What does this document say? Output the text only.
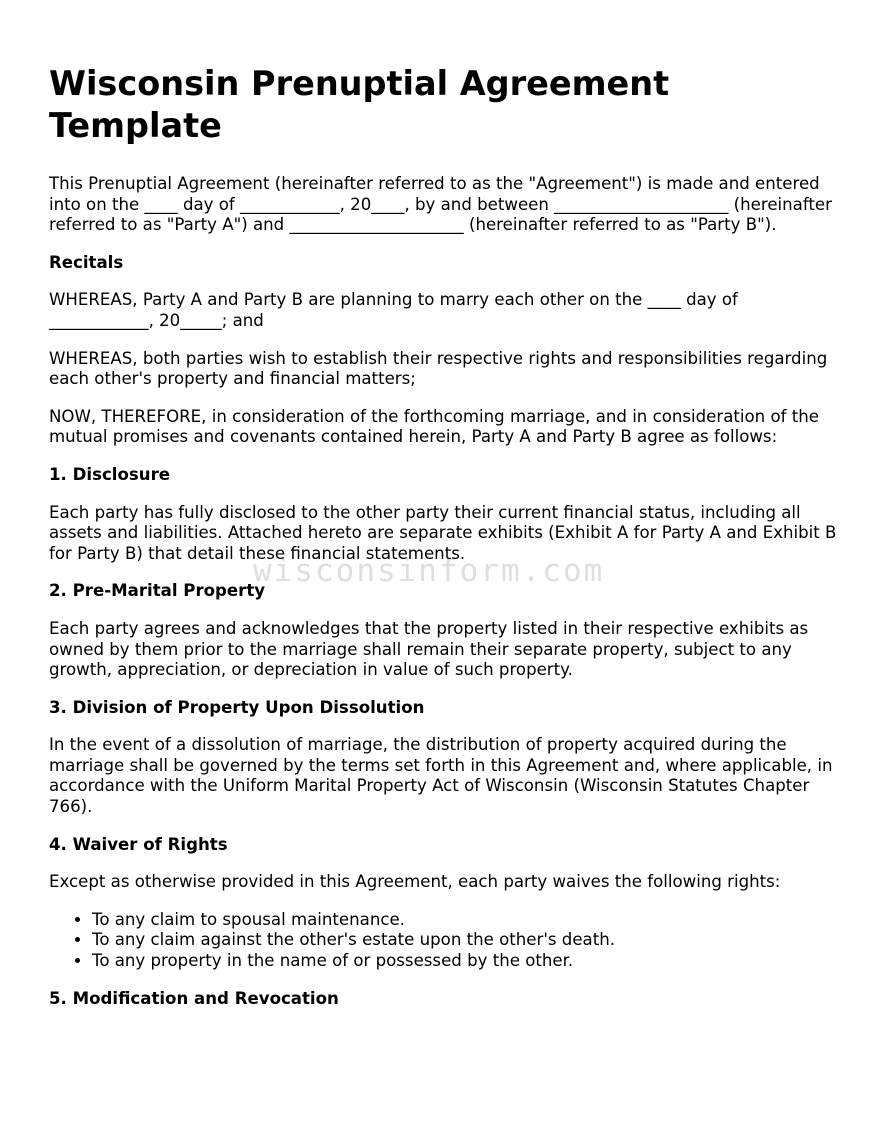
Wisconsin Prenuptial Agreement Template

This Prenuptial Agreement (hereinafter referred to as the "Agreement") is made and entered into on the ____ day of ____________, 20____, by and between _____________________ (hereinafter referred to as "Party A") and _____________________ (hereinafter referred to as "Party B").

Recitals

WHEREAS, Party A and Party B are planning to marry each other on the ____ day of ____________, 20_____; and

WHEREAS, both parties wish to establish their respective rights and responsibilities regarding each other's property and financial matters;

NOW, THEREFORE, in consideration of the forthcoming marriage, and in consideration of the mutual promises and covenants contained herein, Party A and Party B agree as follows:

1. Disclosure

Each party has fully disclosed to the other party their current financial status, including all assets and liabilities. Attached hereto are separate exhibits (Exhibit A for Party A and Exhibit B for Party B) that detail these financial statements.

2. Pre-Marital Property

Each party agrees and acknowledges that the property listed in their respective exhibits as owned by them prior to the marriage shall remain their separate property, subject to any growth, appreciation, or depreciation in value of such property.

3. Division of Property Upon Dissolution

In the event of a dissolution of marriage, the distribution of property acquired during the marriage shall be governed by the terms set forth in this Agreement and, where applicable, in accordance with the Uniform Marital Property Act of Wisconsin (Wisconsin Statutes Chapter 766).

4. Waiver of Rights

Except as otherwise provided in this Agreement, each party waives the following rights:

• To any claim to spousal maintenance.
• To any claim against the other's estate upon the other's death.
• To any property in the name of or possessed by the other.
5. Modification and Revocation
wisconsinform.com
